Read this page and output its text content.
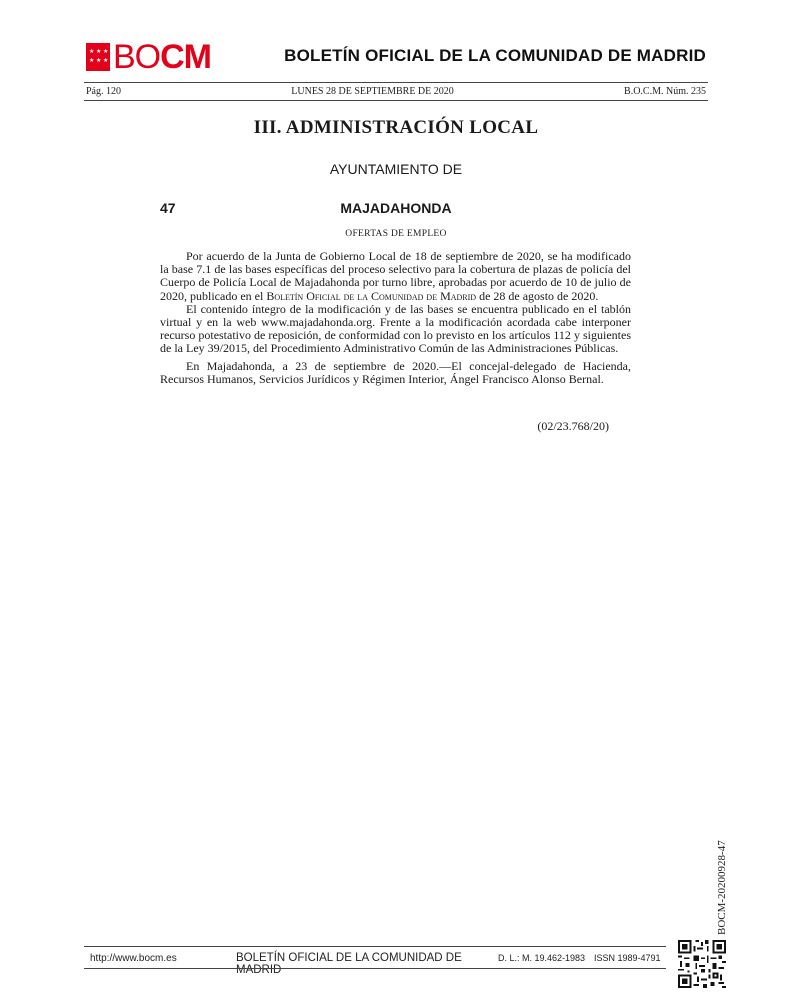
★ ★ ★
★ ★ ★ BOCM	BOLETÍN OFICIAL DE LA COMUNIDAD DE MADRID
Pág. 120	LUNES 28 DE SEPTIEMBRE DE 2020	B.O.C.M. Núm. 235
III. ADMINISTRACIÓN LOCAL
AYUNTAMIENTO DE
MAJADAHONDA
47
OFERTAS DE EMPLEO

Por acuerdo de la Junta de Gobierno Local de 18 de septiembre de 2020, se ha modificado la base 7.1 de las bases específicas del proceso selectivo para la cobertura de plazas de policía del Cuerpo de Policía Local de Majadahonda por turno libre, aprobadas por acuerdo de 10 de julio de 2020, publicado en el Boletín Oficial de la Comunidad de Madrid de 28 de agosto de 2020.

El contenido íntegro de la modificación y de las bases se encuentra publicado en el tablón virtual y en la web www.majadahonda.org. Frente a la modificación acordada cabe interponer recurso potestativo de reposición, de conformidad con lo previsto en los artículos 112 y siguientes de la Ley 39/2015, del Procedimiento Administrativo Común de las Administraciones Públicas.

En Majadahonda, a 23 de septiembre de 2020.—El concejal-delegado de Hacienda, Recursos Humanos, Servicios Jurídicos y Régimen Interior, Ángel Francisco Alonso Bernal.

(02/23.768/20)
BOCM-20200928-47
http://www.bocm.es	BOLETÍN OFICIAL DE LA COMUNIDAD DE MADRID
D. L.: M. 19.462-1983 ISSN 1989-4791
